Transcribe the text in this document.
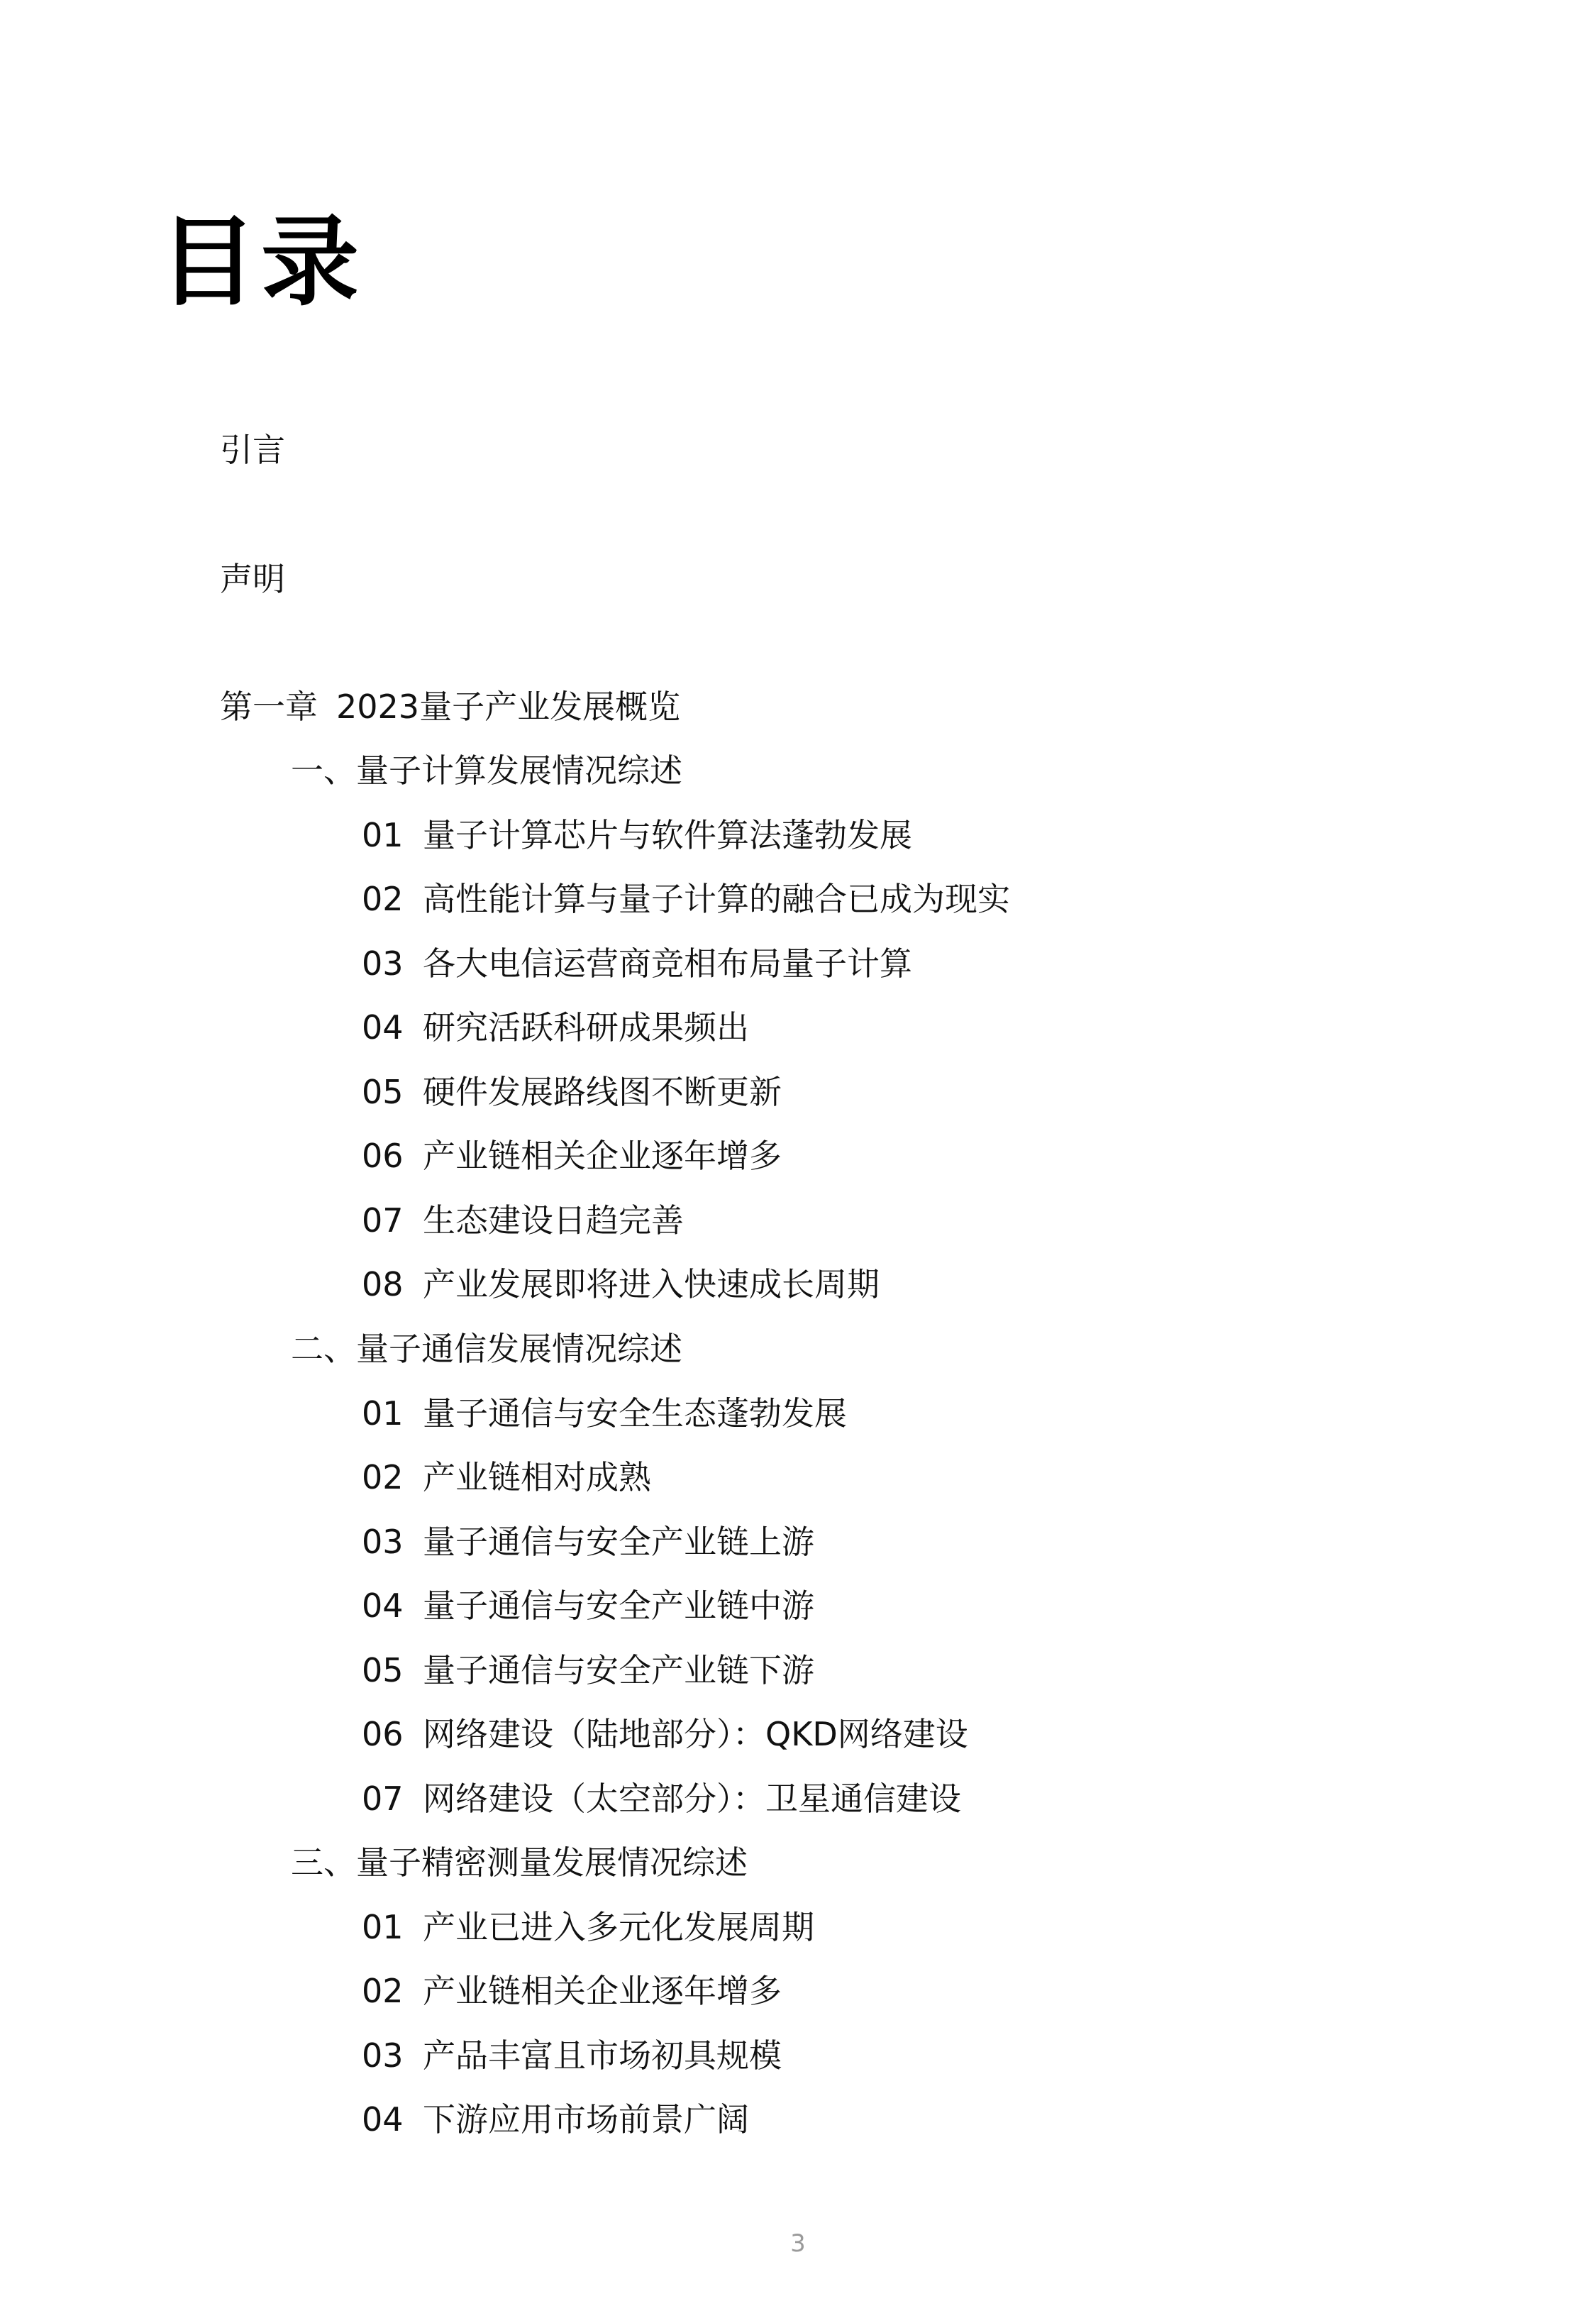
目录
引言
声明
第一章 2023量子产业发展概览
一、量子计算发展情况综述
01 量子计算芯片与软件算法蓬勃发展
02 高性能计算与量子计算的融合已成为现实
03 各大电信运营商竞相布局量子计算
04 研究活跃科研成果频出
05 硬件发展路线图不断更新
06 产业链相关企业逐年增多
07 生态建设日趋完善
08 产业发展即将进入快速成长周期
二、量子通信发展情况综述
01 量子通信与安全生态蓬勃发展
02 产业链相对成熟
03 量子通信与安全产业链上游
04 量子通信与安全产业链中游
05 量子通信与安全产业链下游
06 网络建设（陆地部分）：QKD网络建设
07 网络建设（太空部分）：卫星通信建设
三、量子精密测量发展情况综述
01 产业已进入多元化发展周期
02 产业链相关企业逐年增多
03 产品丰富且市场初具规模
04 下游应用市场前景广阔
3
